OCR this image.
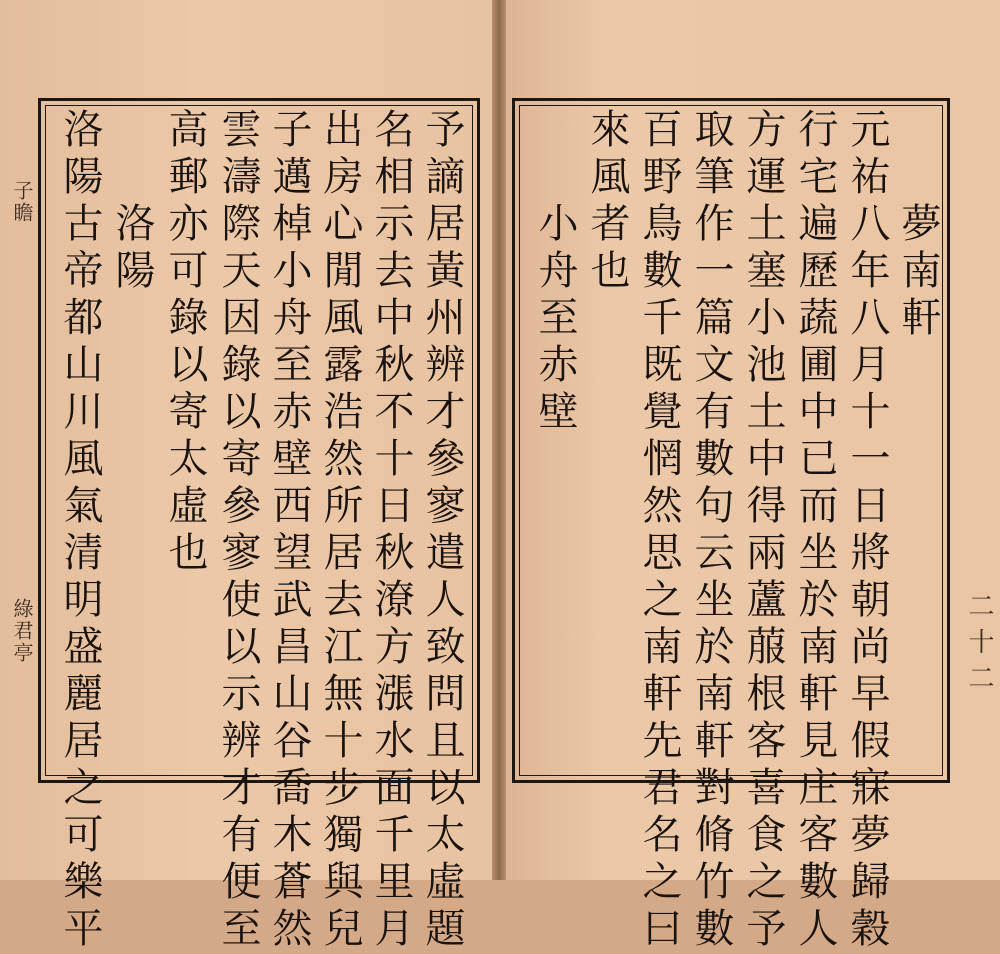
子瞻
綠君亭	予謫居黃州辨才參寥遣人致問且以太虛題
名相示去中秋不十日秋潦方漲水面千里月
出房心閒風露浩然所居去江無十步獨與兒
子邁棹小舟至赤壁西望武昌山谷喬木蒼然
雲濤際天因錄以寄參寥使以示辨才有便至
高郵亦可錄以寄太虛也
　　洛陽
洛陽古帝都山川風氣清明盛麗居之可樂平	二十二
　　夢南軒
元祐八年八月十一日將朝尚早假寐夢歸穀
行宅遍歷蔬圃中已而坐於南軒見庄客數人
方運土塞小池土中得兩蘆菔根客喜食之予
取筆作一篇文有數句云坐於南軒對脩竹數
百野鳥數千既覺惘然思之南軒先君名之曰
來風者也
　　小舟至赤壁
